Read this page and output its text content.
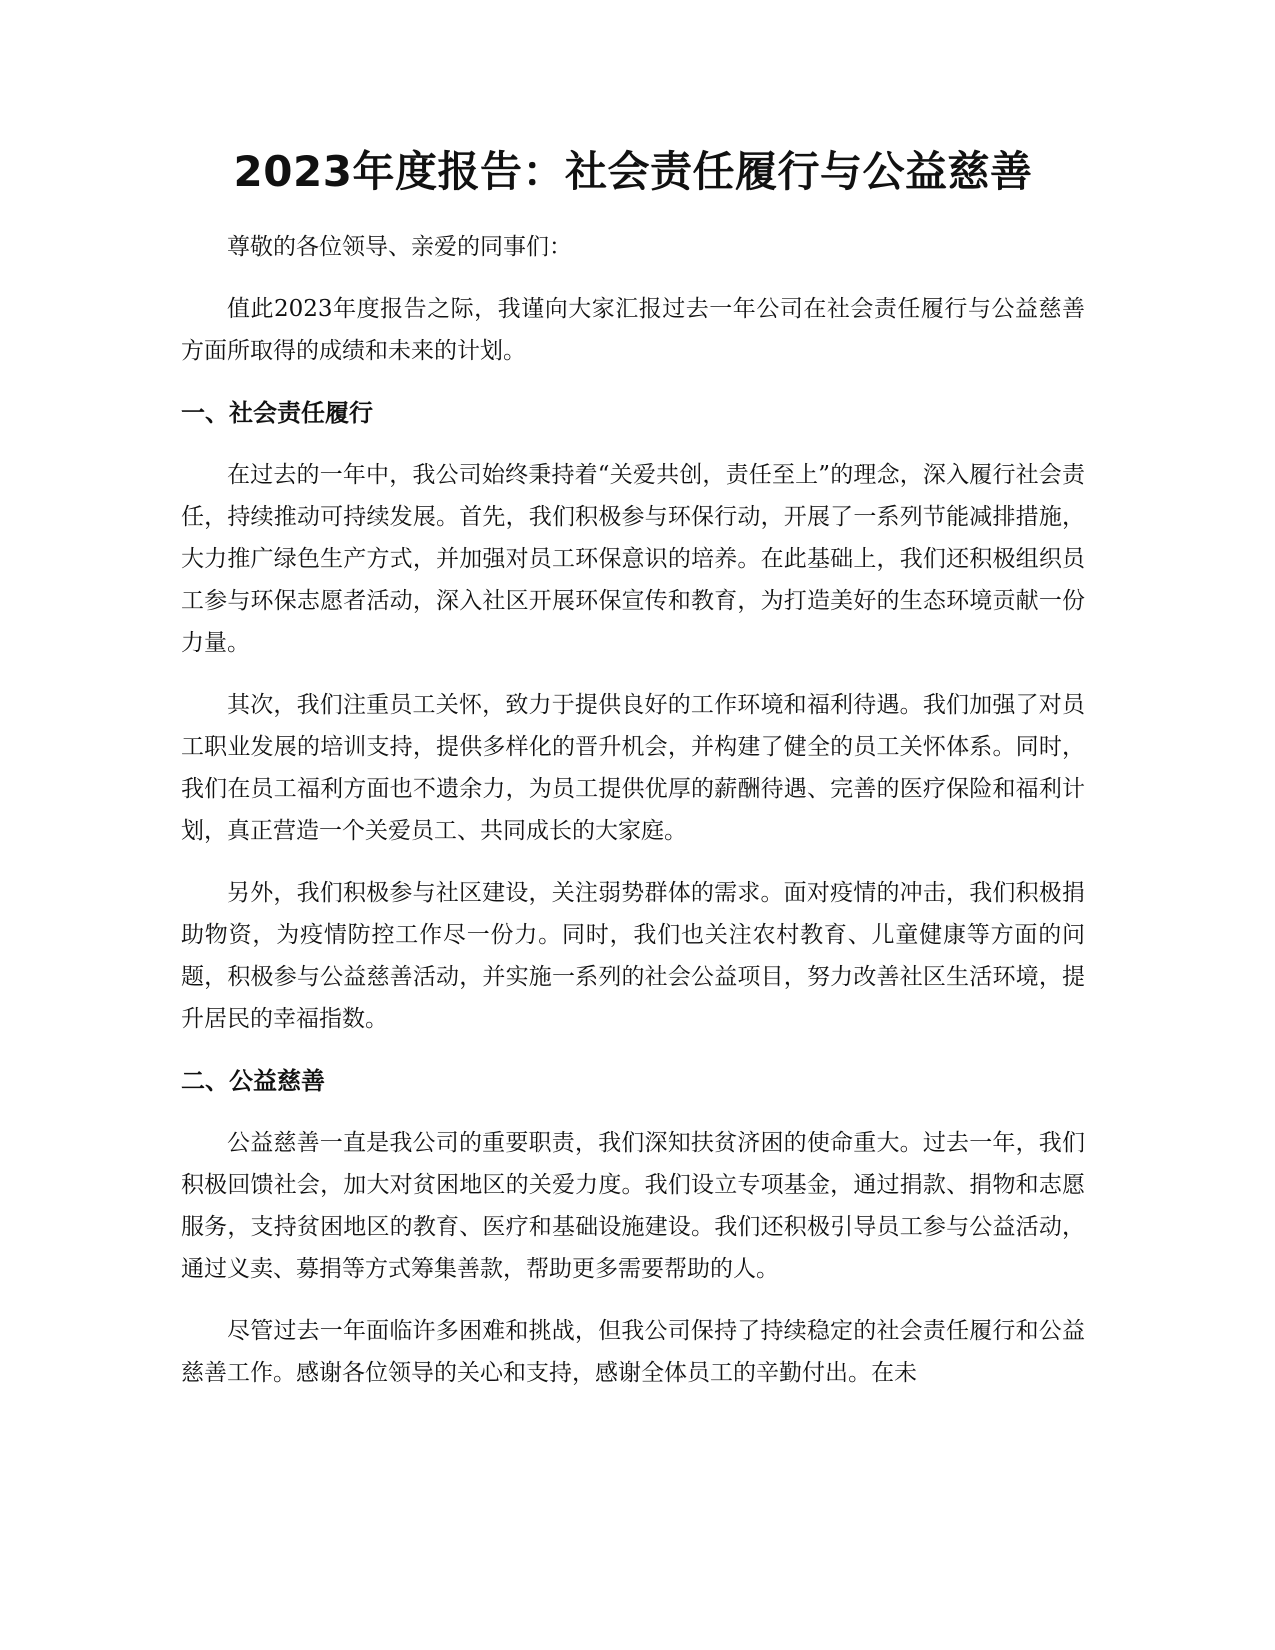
2023年度报告：社会责任履行与公益慈善

尊敬的各位领导、亲爱的同事们：

值此2023年度报告之际，我谨向大家汇报过去一年公司在社会责任履行与公益慈善方面所取得的成绩和未来的计划。

一、社会责任履行

在过去的一年中，我公司始终秉持着“关爱共创，责任至上”的理念，深入履行社会责任，持续推动可持续发展。首先，我们积极参与环保行动，开展了一系列节能减排措施，大力推广绿色生产方式，并加强对员工环保意识的培养。在此基础上，我们还积极组织员工参与环保志愿者活动，深入社区开展环保宣传和教育，为打造美好的生态环境贡献一份力量。

其次，我们注重员工关怀，致力于提供良好的工作环境和福利待遇。我们加强了对员工职业发展的培训支持，提供多样化的晋升机会，并构建了健全的员工关怀体系。同时，我们在员工福利方面也不遗余力，为员工提供优厚的薪酬待遇、完善的医疗保险和福利计划，真正营造一个关爱员工、共同成长的大家庭。

另外，我们积极参与社区建设，关注弱势群体的需求。面对疫情的冲击，我们积极捐助物资，为疫情防控工作尽一份力。同时，我们也关注农村教育、儿童健康等方面的问题，积极参与公益慈善活动，并实施一系列的社会公益项目，努力改善社区生活环境，提升居民的幸福指数。

二、公益慈善

公益慈善一直是我公司的重要职责，我们深知扶贫济困的使命重大。过去一年，我们积极回馈社会，加大对贫困地区的关爱力度。我们设立专项基金，通过捐款、捐物和志愿服务，支持贫困地区的教育、医疗和基础设施建设。我们还积极引导员工参与公益活动，通过义卖、募捐等方式筹集善款，帮助更多需要帮助的人。

尽管过去一年面临许多困难和挑战，但我公司保持了持续稳定的社会责任履行和公益慈善工作。感谢各位领导的关心和支持，感谢全体员工的辛勤付出。在未
